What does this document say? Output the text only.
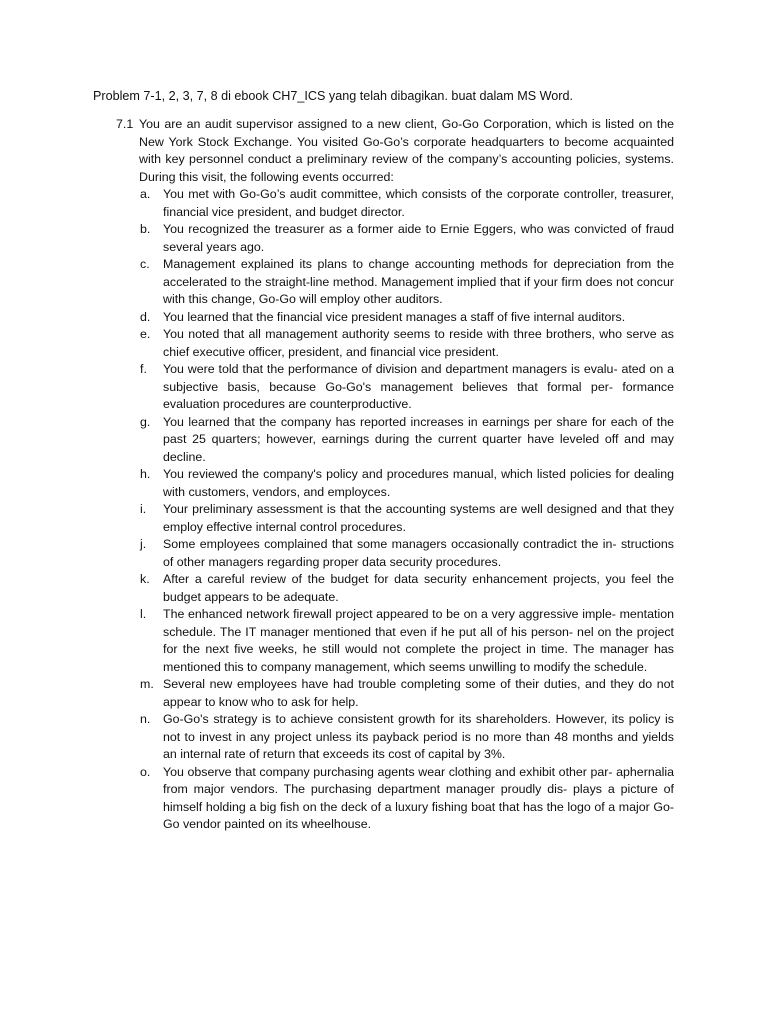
Problem 7-1, 2, 3, 7, 8 di ebook CH7_ICS yang telah dibagikan. buat dalam MS Word.
7.1 You are an audit supervisor assigned to a new client, Go-Go Corporation, which is listed on the New York Stock Exchange. You visited Go-Go’s corporate headquarters to become acquainted with key personnel conduct a preliminary review of the company’s accounting policies, systems. During this visit, the following events occurred:
a.	You met with Go-Go’s audit committee, which consists of the corporate controller, treasurer, financial vice president, and budget director.
b.	You recognized the treasurer as a former aide to Ernie Eggers, who was convicted of fraud several years ago.
c.	Management explained its plans to change accounting methods for depreciation from the accelerated to the straight-line method. Management implied that if your firm does not concur with this change, Go-Go will employ other auditors.
d.	You learned that the financial vice president manages a staff of five internal auditors.
e.	You noted that all management authority seems to reside with three brothers, who serve as chief executive officer, president, and financial vice president.
f.	You were told that the performance of division and department managers is evalu- ated on a subjective basis, because Go-Go's management believes that formal per- formance evaluation procedures are counterproductive.
g.	You learned that the company has reported increases in earnings per share for each of the past 25 quarters; however, earnings during the current quarter have leveled off and may decline.
h.	You reviewed the company's policy and procedures manual, which listed policies for dealing with customers, vendors, and employces.
i.	Your preliminary assessment is that the accounting systems are well designed and that they employ effective internal control procedures.
j.	Some employees complained that some managers occasionally contradict the in- structions of other managers regarding proper data security procedures.
k.	After a careful review of the budget for data security enhancement projects, you feel the budget appears to be adequate.
l.	The enhanced network firewall project appeared to be on a very aggressive imple- mentation schedule. The IT manager mentioned that even if he put all of his person- nel on the project for the next five weeks, he still would not complete the project in time. The manager has mentioned this to company management, which seems unwilling to modify the schedule.
m. Several new employees have had trouble completing some of their duties, and they do not appear to know who to ask for help.
n.	Go-Go's strategy is to achieve consistent growth for its shareholders. However, its policy is not to invest in any project unless its payback period is no more than 48 months and yields an internal rate of return that exceeds its cost of capital by 3%.
o.	You observe that company purchasing agents wear clothing and exhibit other par- aphernalia from major vendors. The purchasing department manager proudly dis- plays a picture of himself holding a big fish on the deck of a luxury fishing boat that has the logo of a major Go-Go vendor painted on its wheelhouse.
